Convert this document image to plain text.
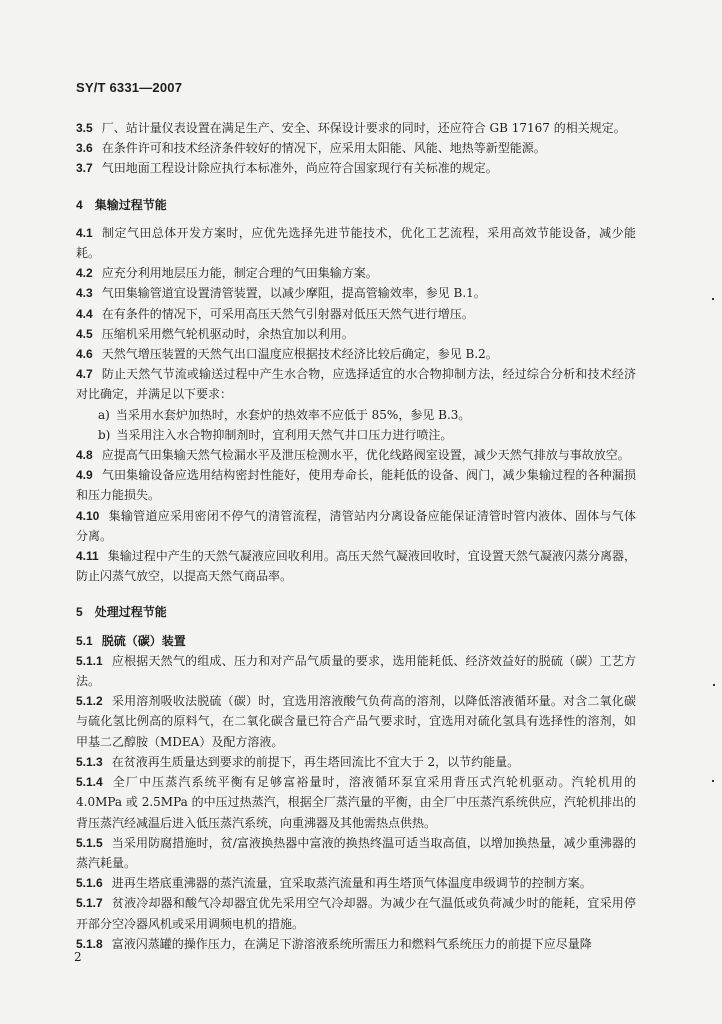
SY/T 6331—2007

3.5 厂、站计量仪表设置在满足生产、安全、环保设计要求的同时，还应符合 GB 17167 的相关规定。

3.6 在条件许可和技术经济条件较好的情况下，应采用太阳能、风能、地热等新型能源。

3.7 气田地面工程设计除应执行本标准外，尚应符合国家现行有关标准的规定。

4 集输过程节能

4.1 制定气田总体开发方案时，应优先选择先进节能技术，优化工艺流程，采用高效节能设备，减少能耗。

4.2 应充分利用地层压力能，制定合理的气田集输方案。

4.3 气田集输管道宜设置清管装置，以减少摩阻，提高管输效率，参见 B.1。

4.4 在有条件的情况下，可采用高压天然气引射器对低压天然气进行增压。

4.5 压缩机采用燃气轮机驱动时，余热宜加以利用。

4.6 天然气增压装置的天然气出口温度应根据技术经济比较后确定，参见 B.2。

4.7 防止天然气节流或输送过程中产生水合物，应选择适宜的水合物抑制方法，经过综合分析和技术经济对比确定，并满足以下要求：

a) 当采用水套炉加热时，水套炉的热效率不应低于 85%，参见 B.3。

b) 当采用注入水合物抑制剂时，宜利用天然气井口压力进行喷注。

4.8 应提高气田集输天然气检漏水平及泄压检测水平，优化线路阀室设置，减少天然气排放与事故放空。

4.9 气田集输设备应选用结构密封性能好，使用寿命长，能耗低的设备、阀门，减少集输过程的各种漏损和压力能损失。

4.10 集输管道应采用密闭不停气的清管流程，清管站内分离设备应能保证清管时管内液体、固体与气体分离。

4.11 集输过程中产生的天然气凝液应回收利用。高压天然气凝液回收时，宜设置天然气凝液闪蒸分离器，防止闪蒸气放空，以提高天然气商品率。

5 处理过程节能

5.1 脱硫（碳）装置

5.1.1 应根据天然气的组成、压力和对产品气质量的要求，选用能耗低、经济效益好的脱硫（碳）工艺方法。

5.1.2 采用溶剂吸收法脱硫（碳）时，宜选用溶液酸气负荷高的溶剂，以降低溶液循环量。对含二氧化碳与硫化氢比例高的原料气，在二氧化碳含量已符合产品气要求时，宜选用对硫化氢具有选择性的溶剂，如甲基二乙醇胺（MDEA）及配方溶液。

5.1.3 在贫液再生质量达到要求的前提下，再生塔回流比不宜大于 2，以节约能量。

5.1.4 全厂中压蒸汽系统平衡有足够富裕量时，溶液循环泵宜采用背压式汽轮机驱动。汽轮机用的 4.0MPa 或 2.5MPa 的中压过热蒸汽，根据全厂蒸汽量的平衡，由全厂中压蒸汽系统供应，汽轮机排出的背压蒸汽经减温后进入低压蒸汽系统，向重沸器及其他需热点供热。

5.1.5 当采用防腐措施时，贫/富液换热器中富液的换热终温可适当取高值，以增加换热量，减少重沸器的蒸汽耗量。

5.1.6 进再生塔底重沸器的蒸汽流量，宜采取蒸汽流量和再生塔顶气体温度串级调节的控制方案。

5.1.7 贫液冷却器和酸气冷却器宜优先采用空气冷却器。为减少在气温低或负荷减少时的能耗，宜采用停开部分空冷器风机或采用调频电机的措施。

5.1.8 富液闪蒸罐的操作压力，在满足下游溶液系统所需压力和燃料气系统压力的前提下应尽量降

2
